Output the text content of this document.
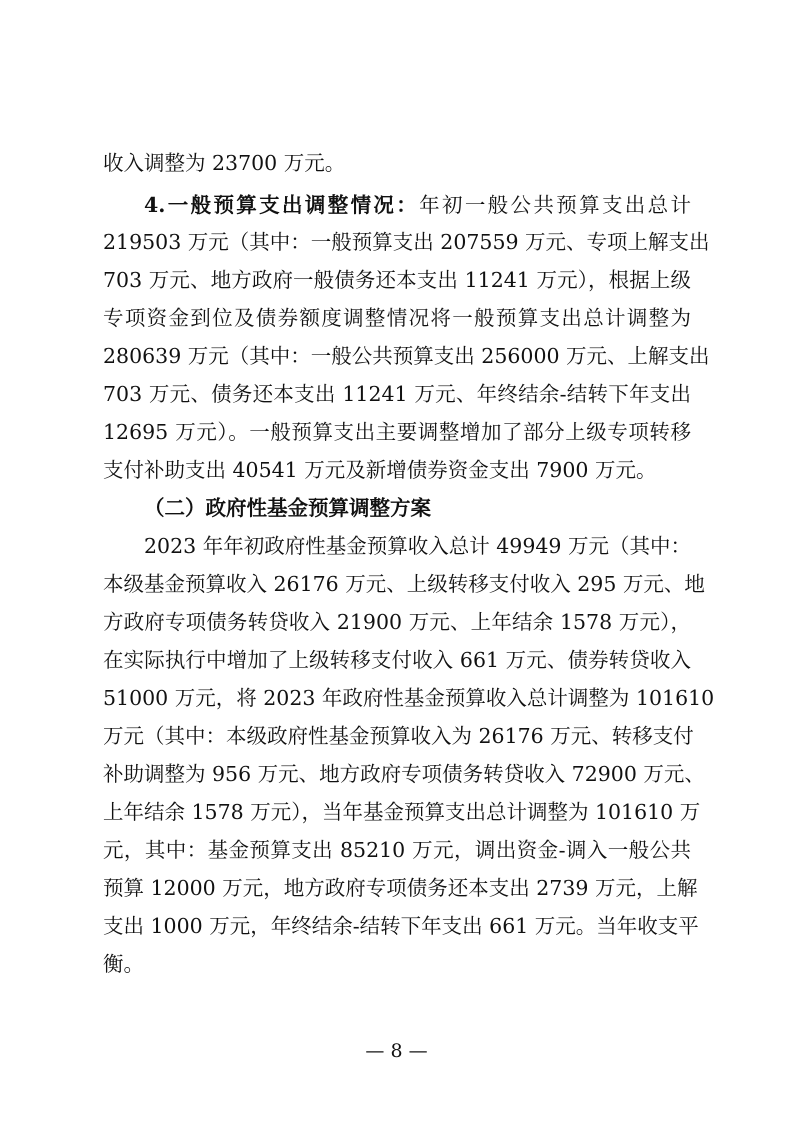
收入调整为 23700 万元。
4.一般预算支出调整情况：年初一般公共预算支出总计
219503 万元（其中：一般预算支出 207559 万元、专项上解支出
703 万元、地方政府一般债务还本支出 11241 万元），根据上级
专项资金到位及债券额度调整情况将一般预算支出总计调整为
280639 万元（其中：一般公共预算支出 256000 万元、上解支出
703 万元、债务还本支出 11241 万元、年终结余-结转下年支出
12695 万元）。一般预算支出主要调整增加了部分上级专项转移
支付补助支出 40541 万元及新增债券资金支出 7900 万元。
（二）政府性基金预算调整方案
2023 年年初政府性基金预算收入总计 49949 万元（其中：
本级基金预算收入 26176 万元、上级转移支付收入 295 万元、地
方政府专项债务转贷收入 21900 万元、上年结余 1578 万元），
在实际执行中增加了上级转移支付收入 661 万元、债券转贷收入
51000 万元，将 2023 年政府性基金预算收入总计调整为 101610
万元（其中：本级政府性基金预算收入为 26176 万元、转移支付
补助调整为 956 万元、地方政府专项债务转贷收入 72900 万元、
上年结余 1578 万元），当年基金预算支出总计调整为 101610 万
元，其中：基金预算支出 85210 万元，调出资金-调入一般公共
预算 12000 万元，地方政府专项债务还本支出 2739 万元，上解
支出 1000 万元，年终结余-结转下年支出 661 万元。当年收支平
衡。
— 8 —
